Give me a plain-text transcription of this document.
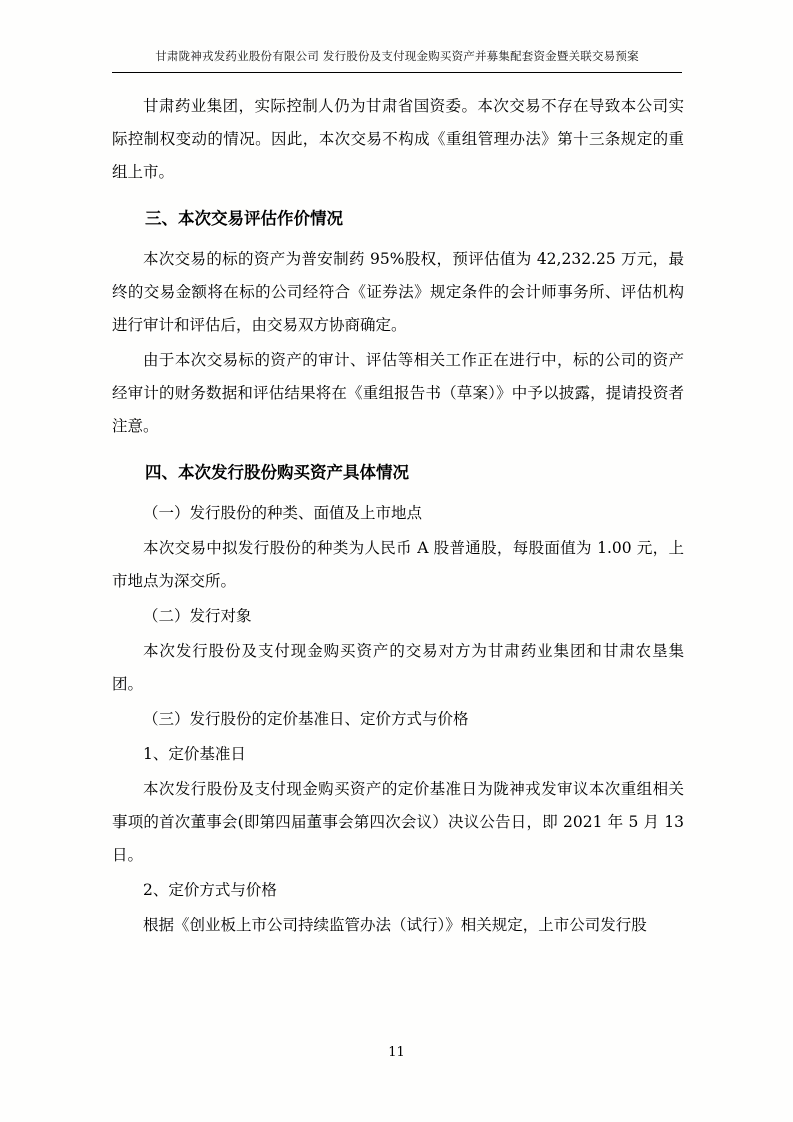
甘肃陇神戎发药业股份有限公司 发行股份及支付现金购买资产并募集配套资金暨关联交易预案

甘肃药业集团，实际控制人仍为甘肃省国资委。本次交易不存在导致本公司实际控制权变动的情况。因此，本次交易不构成《重组管理办法》第十三条规定的重组上市。

三、本次交易评估作价情况

本次交易的标的资产为普安制药 95%股权，预评估值为 42,232.25 万元，最终的交易金额将在标的公司经符合《证券法》规定条件的会计师事务所、评估机构进行审计和评估后，由交易双方协商确定。

由于本次交易标的资产的审计、评估等相关工作正在进行中，标的公司的资产经审计的财务数据和评估结果将在《重组报告书（草案）》中予以披露，提请投资者注意。

四、本次发行股份购买资产具体情况

（一）发行股份的种类、面值及上市地点

本次交易中拟发行股份的种类为人民币 A 股普通股，每股面值为 1.00 元，上市地点为深交所。

（二）发行对象

本次发行股份及支付现金购买资产的交易对方为甘肃药业集团和甘肃农垦集团。

（三）发行股份的定价基准日、定价方式与价格

1、定价基准日

本次发行股份及支付现金购买资产的定价基准日为陇神戎发审议本次重组相关事项的首次董事会(即第四届董事会第四次会议）决议公告日，即 2021 年 5 月 13 日。

2、定价方式与价格

根据《创业板上市公司持续监管办法（试行）》相关规定，上市公司发行股

11
